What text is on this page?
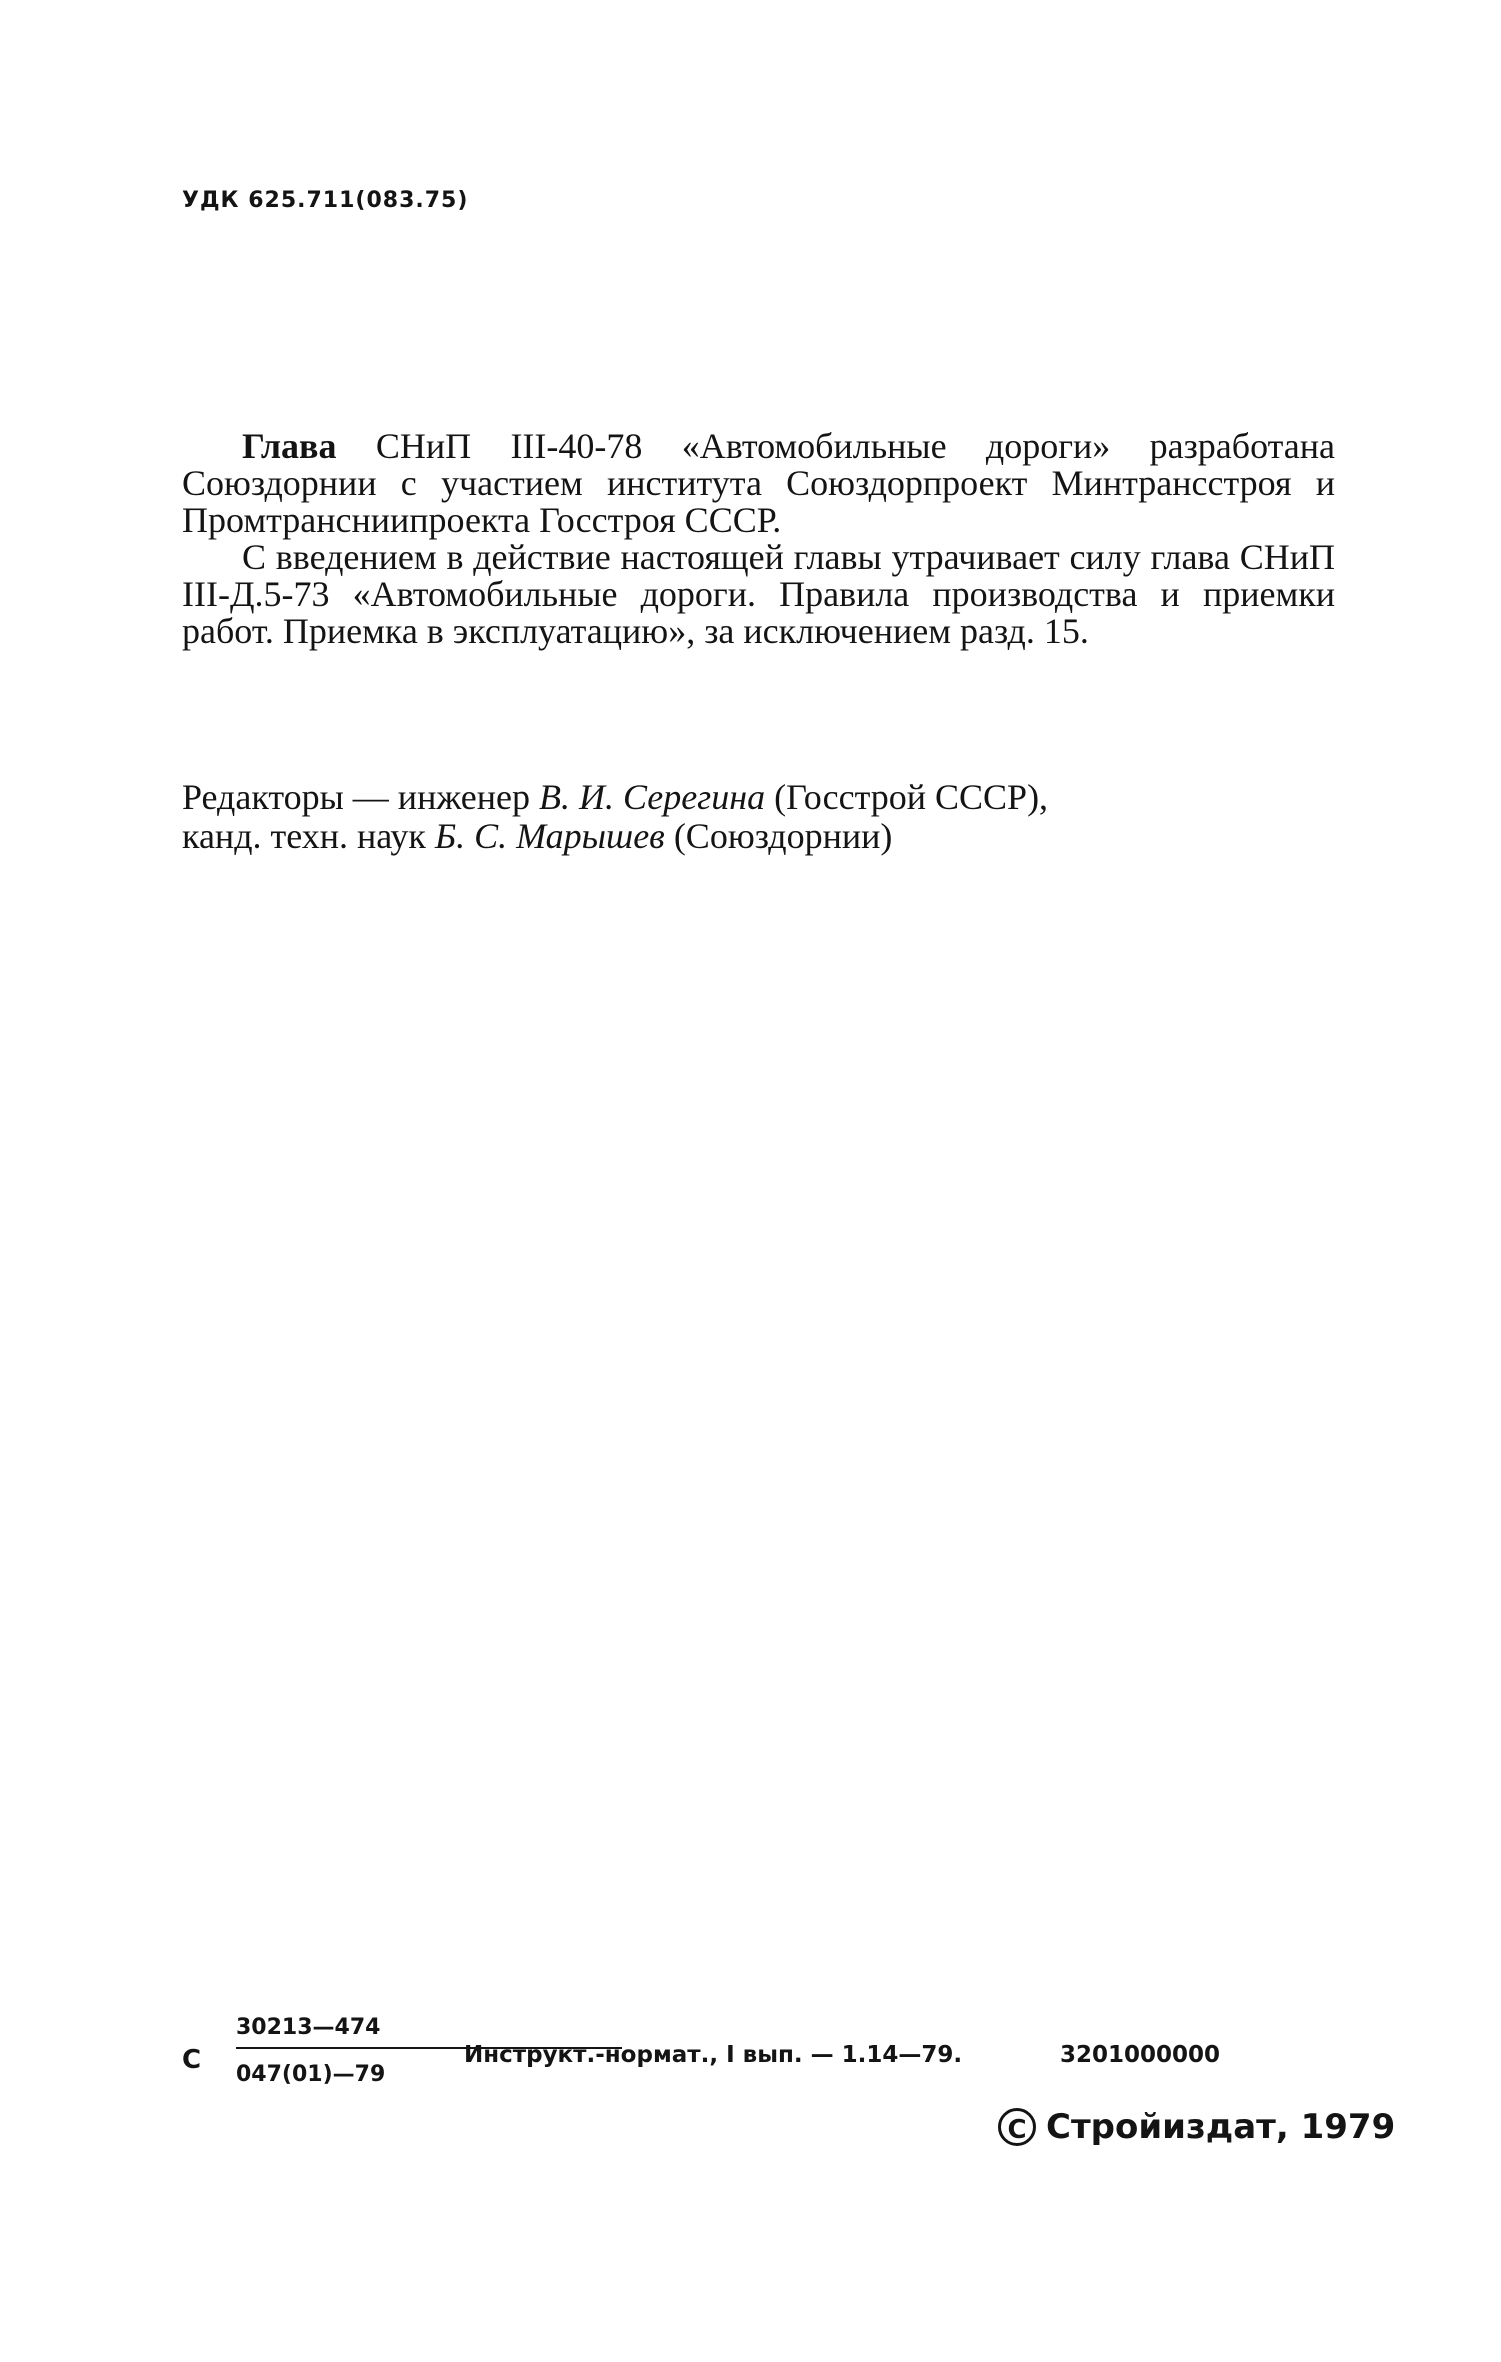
УДК 625.711(083.75)

Глава СНиП III-40-78 «Автомобильные дороги» разработана Союздорнии с участием института Союздорпроект Минтрансстроя и Промтрансниипроекта Госстроя СССР.

С введением в действие настоящей главы утрачивает силу глава СНиП III-Д.5-73 «Автомобильные дороги. Правила производства и приемки работ. Приемка в эксплуатацию», за исключением разд. 15.

Редакторы — инженер В. И. Серегина (Госстрой СССР),
канд. техн. наук Б. С. Марышев (Союздорнии)
С
30213—474
047(01)—79
Инструкт.-нормат., I вып. — 1.14—79.	3201000000
C Стройиздат, 1979
